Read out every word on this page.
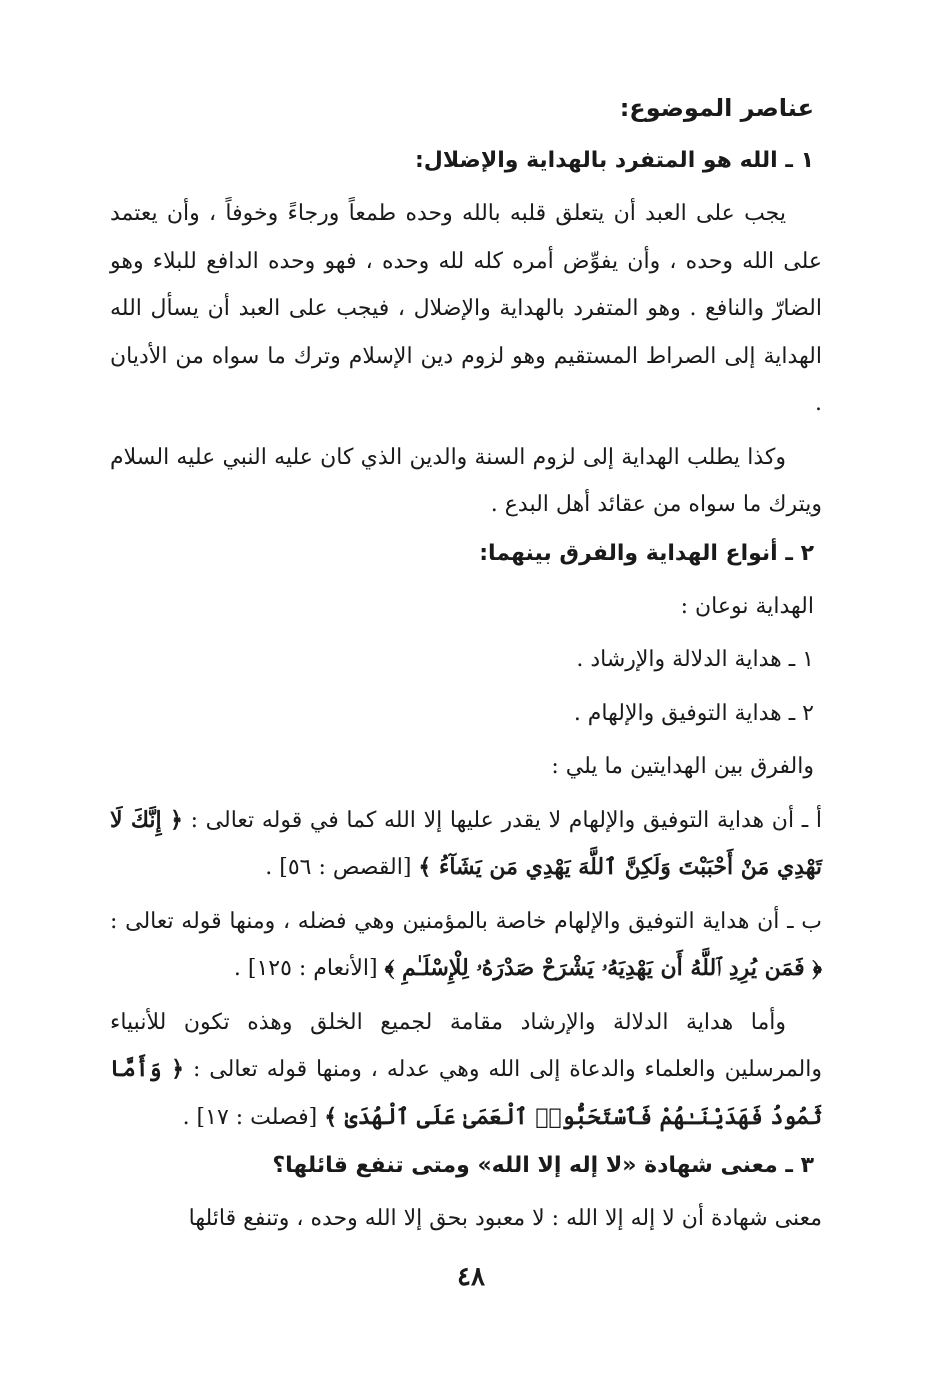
عناصر الموضوع:
١ ـ الله هو المتفرد بالهداية والإضلال:

يجب على العبد أن يتعلق قلبه بالله وحده طمعاً ورجاءً وخوفاً ، وأن يعتمد على الله وحده ، وأن يفوِّض أمره كله لله وحده ، فهو وحده الدافع للبلاء وهو الضارّ والنافع . وهو المتفرد بالهداية والإضلال ، فيجب على العبد أن يسأل الله الهداية إلى الصراط المستقيم وهو لزوم دين الإسلام وترك ما سواه من الأديان .

وكذا يطلب الهداية إلى لزوم السنة والدين الذي كان عليه النبي عليه السلام ويترك ما سواه من عقائد أهل البدع .

٢ ـ أنواع الهداية والفرق بينهما:
الهداية نوعان :
١ ـ هداية الدلالة والإرشاد .
٢ ـ هداية التوفيق والإلهام .
والفرق بين الهدايتين ما يلي :

أ ـ أن هداية التوفيق والإلهام لا يقدر عليها إلا الله كما في قوله تعالى : ﴿ إِنَّكَ لَا تَهْدِي مَنْ أَحْبَبْتَ وَلَكِنَّ ٱللَّهَ يَهْدِي مَن يَشَآءُ ﴾ [القصص : ٥٦] .

ب ـ أن هداية التوفيق والإلهام خاصة بالمؤمنين وهي فضله ، ومنها قوله تعالى : ﴿ فَمَن يُرِدِ ٱللَّهُ أَن يَهْدِيَهُۥ يَشْرَحْ صَدْرَهُۥ لِلْإِسْلَـٰمِ ﴾ [الأنعام : ١٢٥] .

وأما هداية الدلالة والإرشاد مقامة لجميع الخلق وهذه تكون للأنبياء والمرسلين والعلماء والدعاة إلى الله وهي عدله ، ومنها قوله تعالى : ﴿ وَأَمَّا ثَمُودُ فَهَدَيْنَـٰهُمْ فَٱسْتَحَبُّوا۟ ٱلْعَمَىٰ عَلَى ٱلْهُدَىٰ ﴾ [فصلت : ١٧] .

٣ ـ معنى شهادة «لا إله إلا الله» ومتى تنفع قائلها؟

معنى شهادة أن لا إله إلا الله : لا معبود بحق إلا الله وحده ، وتنفع قائلها

٤٨
